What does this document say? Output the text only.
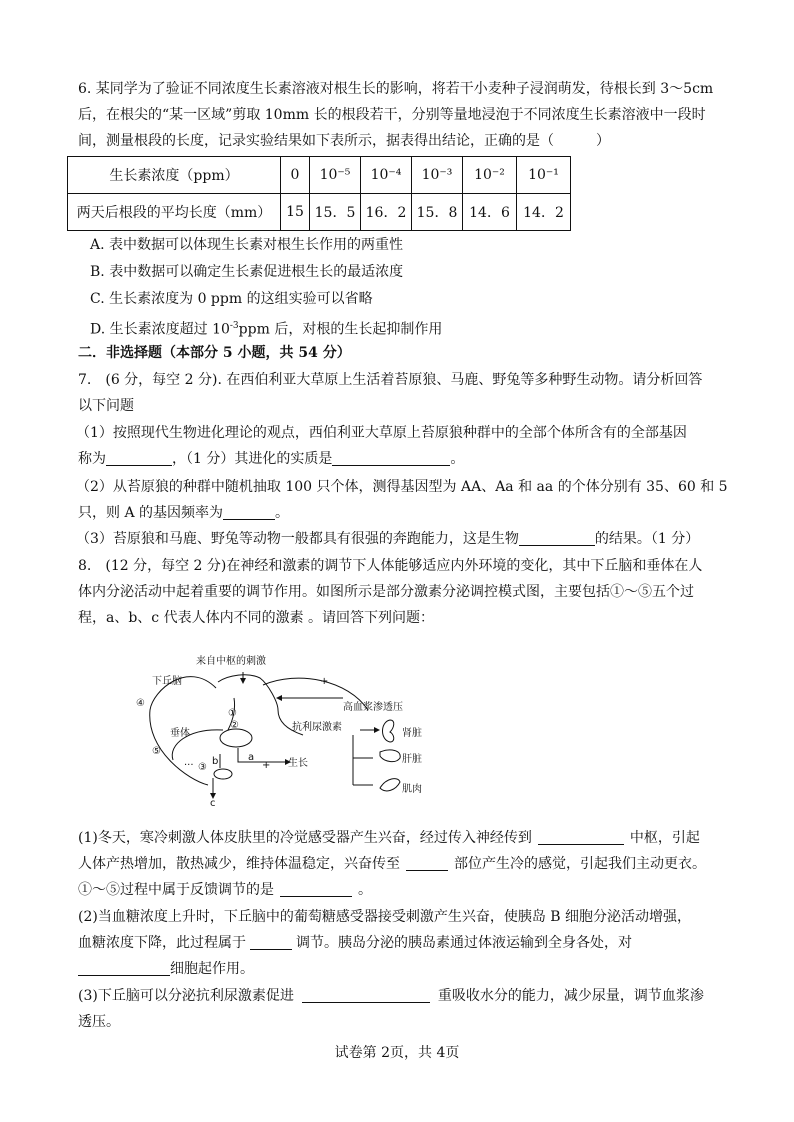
6. 某同学为了验证不同浓度生长素溶液对根生长的影响，将若干小麦种子浸润萌发，待根长到 3～5cm
后，在根尖的“某一区域”剪取 10mm 长的根段若干，分别等量地浸泡于不同浓度生长素溶液中一段时
间，测量根段的长度，记录实验结果如下表所示，据表得出结论，正确的是（　　　）
生长素浓度（ppm）	0	10⁻⁵	10⁻⁴	10⁻³	10⁻²	10⁻¹
两天后根段的平均长度（mm）	15	15．5	16．2	15．8	14．6	14．2
A. 表中数据可以体现生长素对根生长作用的两重性
B. 表中数据可以确定生长素促进根生长的最适浓度
C. 生长素浓度为 0 ppm 的这组实验可以省略
D. 生长素浓度超过 $10^{-3}ppm$ 后，对根的生长起抑制作用
二．非选择题（本部分 5 小题，共 54 分）
7.　(6 分，每空 2 分). 在西伯利亚大草原上生活着苔原狼、马鹿、野兔等多种野生动物。请分析回答
以下问题
（1）按照现代生物进化理论的观点，西伯利亚大草原上苔原狼种群中的全部个体所含有的全部基因
称为	，（1 分）其进化的实质是	。
（2）从苔原狼的种群中随机抽取 100 只个体，测得基因型为 AA、Aa 和 aa 的个体分别有 35、60 和 5
只，则 A 的基因频率为	。
（3）苔原狼和马鹿、野兔等动物一般都具有很强的奔跑能力，这是生物	的结果。（1 分）
8.　(12 分，每空 2 分)在神经和激素的调节下人体能够适应内外环境的变化，其中下丘脑和垂体在人
体内分泌活动中起着重要的调节作用。如图所示是部分激素分泌调控模式图，主要包括①～⑤五个过
程，a、b、c 代表人体内不同的激素 。请回答下列问题：
来自中枢的刺激
下丘脑	+
高血浆渗透压
抗利尿激素
肾脏
肝脏
肌肉
垂体
生长
①
②
③
④
⑤
a
b
c
···	+
(1)冬天，寒冷刺激人体皮肤里的冷觉感受器产生兴奋，经过传入神经传到	中枢，引起
人体产热增加，散热减少，维持体温稳定，兴奋传至	部位产生冷的感觉，引起我们主动更衣。
①～⑤过程中属于反馈调节的是	。
(2)当血糖浓度上升时，下丘脑中的葡萄糖感受器接受刺激产生兴奋，使胰岛 B 细胞分泌活动增强，
血糖浓度下降，此过程属于	调节。胰岛分泌的胰岛素通过体液运输到全身各处，对
细胞起作用。
(3)下丘脑可以分泌抗利尿激素促进	重吸收水分的能力，减少尿量，调节血浆渗
透压。
试卷第 2页，共 4页
